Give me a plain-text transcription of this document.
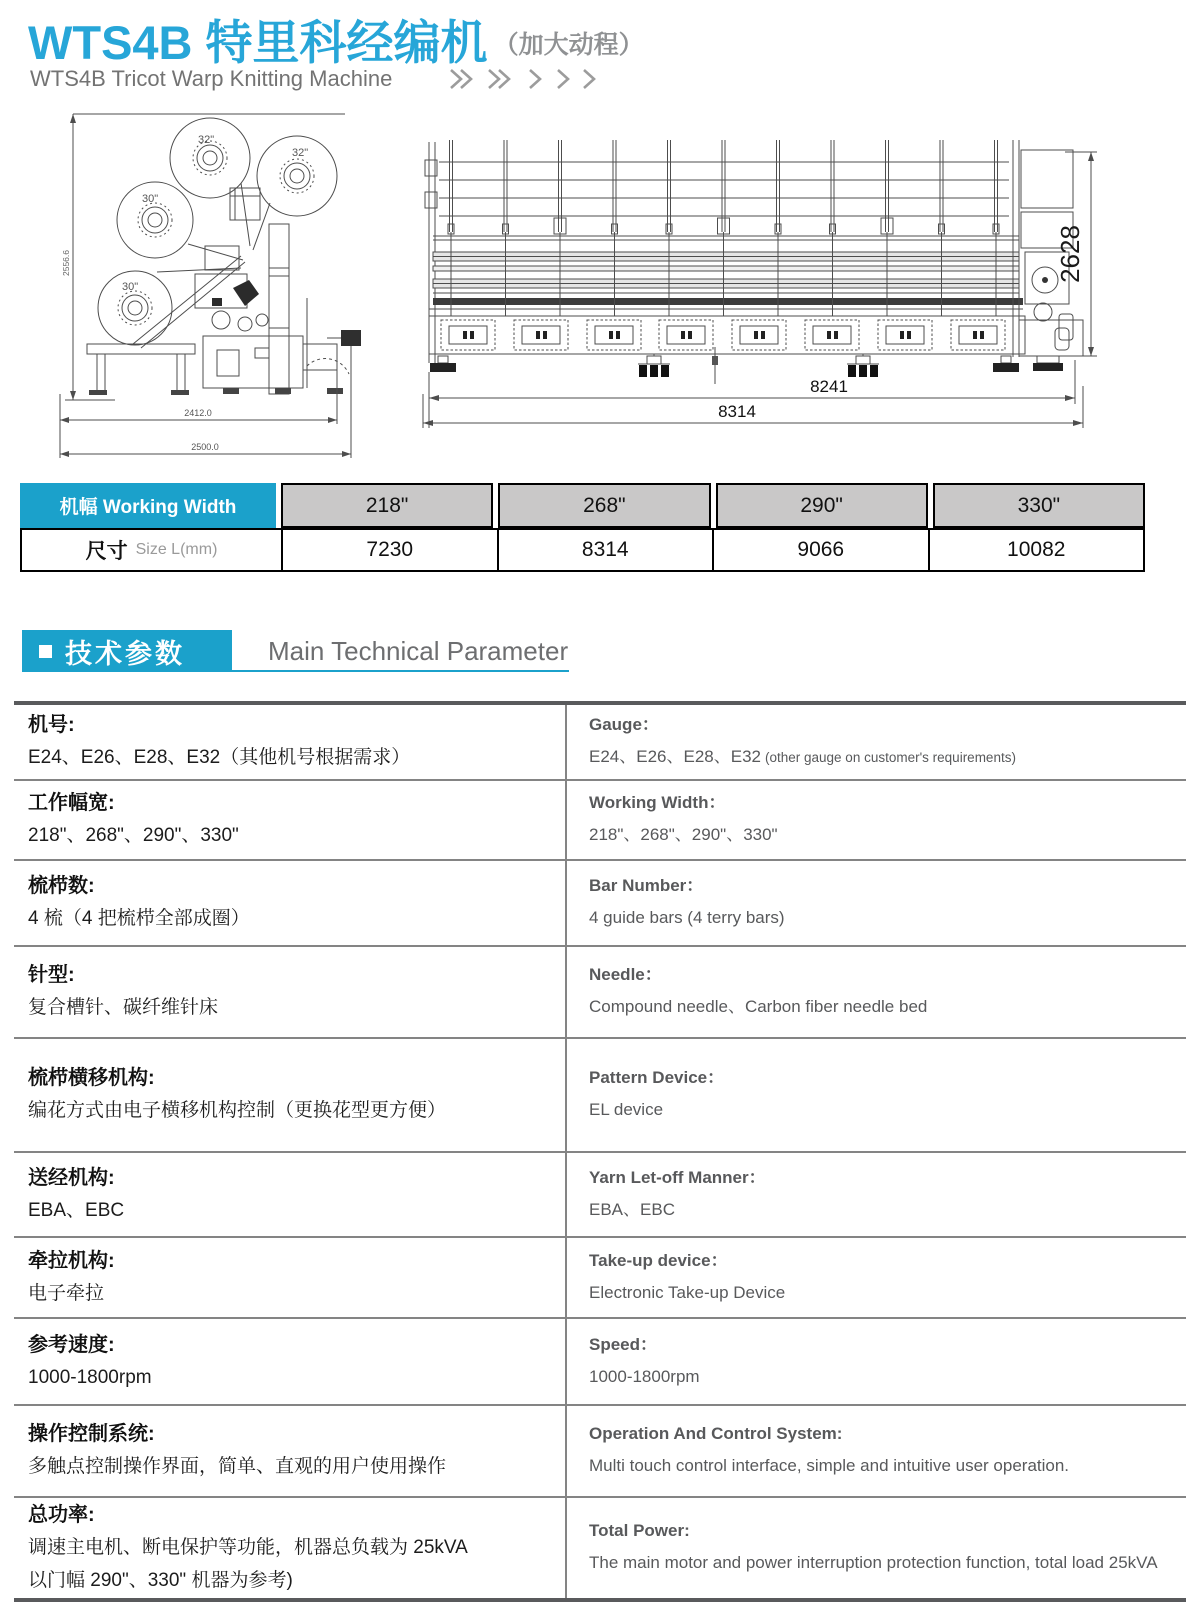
WTS4B 特里科经编机 （加大动程）
WTS4B Tricot Warp Knitting Machine
32"
32"
30"
30"
2556.6
2412.0
2500.0
2628
8241
8314
机幅 Working Width	218"	268"	290"	330"
尺寸 Size L(mm)	7230	8314	9066	10082
技术参数	Main Technical Parameter
机号:
E24、E26、E28、E32（其他机号根据需求）
Gauge：
E24、E26、E28、E32 (other gauge on customer's requirements)
工作幅宽:
218"、268"、290"、330"
Working Width：
218"、268"、290"、330"
梳栉数:
4 梳（4 把梳栉全部成圈）
Bar Number：
4 guide bars (4 terry bars)
针型:
复合槽针、碳纤维针床
Needle：
Compound needle、Carbon fiber needle bed
梳栉横移机构:
编花方式由电子横移机构控制（更换花型更方便）
Pattern Device：
EL device
送经机构:
EBA、EBC
Yarn Let-off Manner：
EBA、EBC
牵拉机构:
电子牵拉
Take-up device：
Electronic Take-up Device
参考速度:
1000-1800rpm
Speed：
1000-1800rpm
操作控制系统:
多触点控制操作界面，简单、直观的用户使用操作
Operation And Control System:
Multi touch control interface, simple and intuitive user operation.
总功率:
调速主电机、断电保护等功能，机器总负载为 25kVA
以门幅 290"、330" 机器为参考)
Total Power:
The main motor and power interruption protection function, total load 25kVA
